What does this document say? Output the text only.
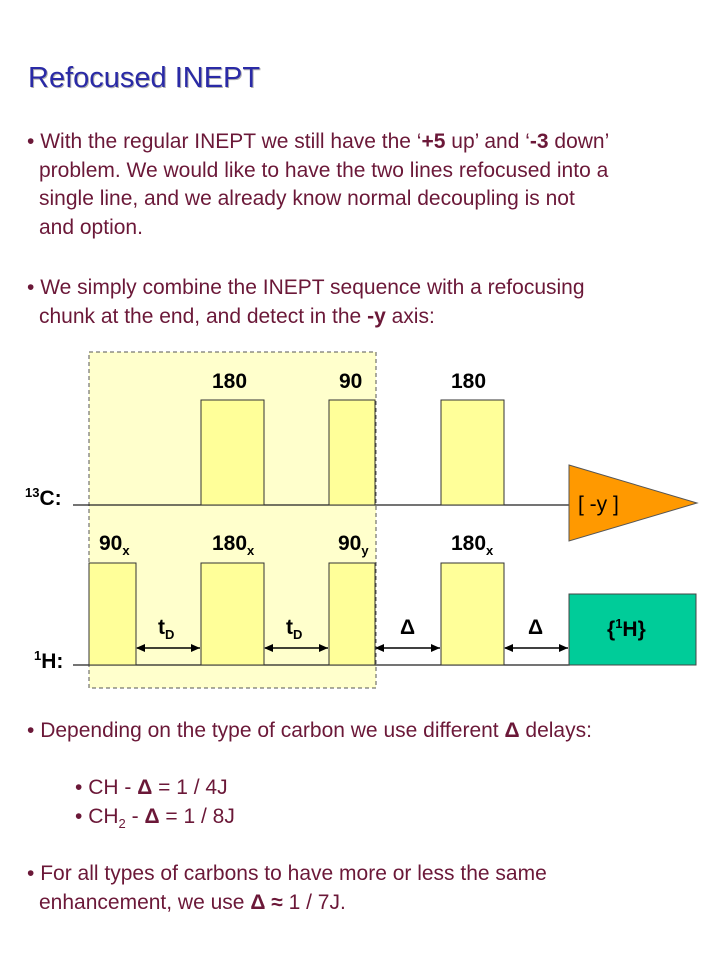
Refocused INEPT
• With the regular INEPT we still have the ‘+5 up’ and ‘-3 down’
problem. We would like to have the two lines refocused into a
single line, and we already know normal decoupling is not
and option.
• We simply combine the INEPT sequence with a refocusing
chunk at the end, and detect in the -y axis:
[ -y ]
$^{13}$C:
$^1$H:
180	90	180
$90_x$	$180_x$	$90_y$	$180_x$
$t_D$	$t_D$	Δ	Δ	{$^1$H}
• Depending on the type of carbon we use different Δ delays:
• CH - Δ = 1 / 4J
• $CH_2 - \Delta = 1 / 8J$
• For all types of carbons to have more or less the same
enhancement, we use Δ ≈ 1 / 7J.
